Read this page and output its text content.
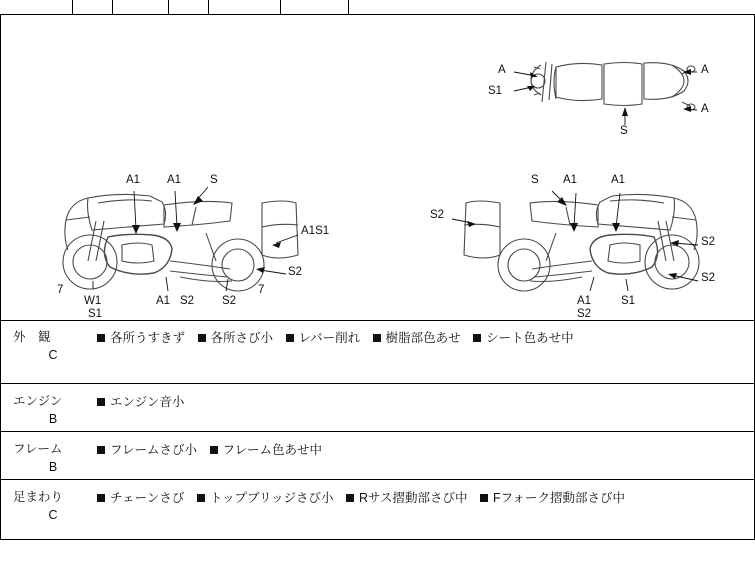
A
S1
A
A
S
A1 A1	S
A1S1
S2
7
W1
S1
A1 S2 S2
7
S A1	A1
S2
S2
S2
A1
S2
S1
外　観
C
各所うすきず 各所さび小 レバー削れ 樹脂部色あせ シート色あせ中
エンジン
B
エンジン音小
フレーム
B
フレームさび小 フレーム色あせ中
足まわり
C
チェーンさび トップブリッジさび小 Rサス摺動部さび中 Fフォーク摺動部さび中
